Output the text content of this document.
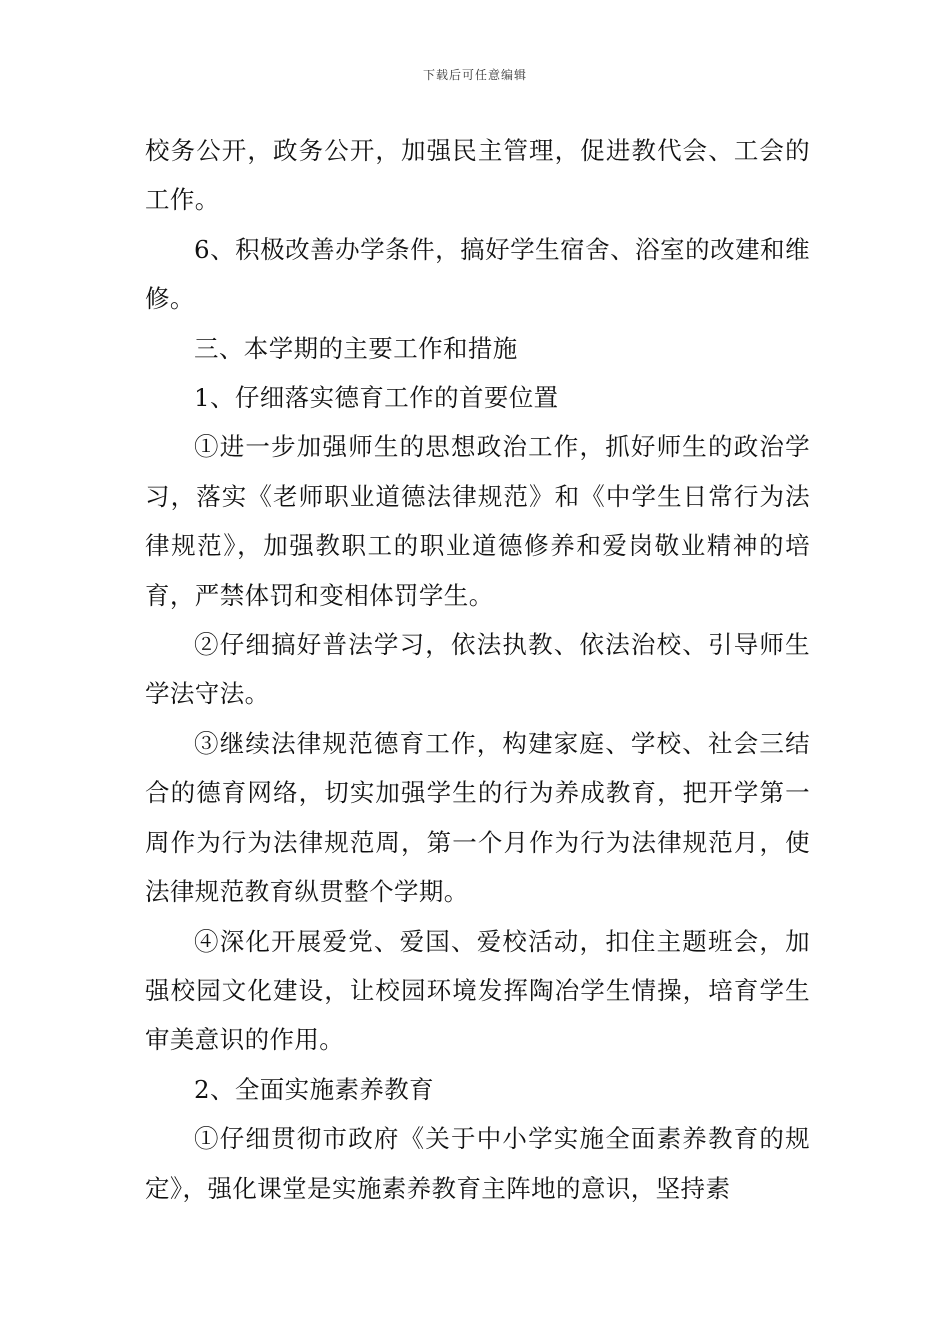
下载后可任意编辑

校务公开，政务公开，加强民主管理，促进教代会、工会的工作。

6、积极改善办学条件，搞好学生宿舍、浴室的改建和维修。

三、本学期的主要工作和措施

1、仔细落实德育工作的首要位置

①进一步加强师生的思想政治工作，抓好师生的政治学习，落实《老师职业道德法律规范》和《中学生日常行为法律规范》，加强教职工的职业道德修养和爱岗敬业精神的培育，严禁体罚和变相体罚学生。

②仔细搞好普法学习，依法执教、依法治校、引导师生学法守法。

③继续法律规范德育工作，构建家庭、学校、社会三结合的德育网络，切实加强学生的行为养成教育，把开学第一周作为行为法律规范周，第一个月作为行为法律规范月，使法律规范教育纵贯整个学期。

④深化开展爱党、爱国、爱校活动，扣住主题班会，加强校园文化建设，让校园环境发挥陶冶学生情操，培育学生审美意识的作用。

2、全面实施素养教育

①仔细贯彻市政府《关于中小学实施全面素养教育的规定》，强化课堂是实施素养教育主阵地的意识，坚持素
